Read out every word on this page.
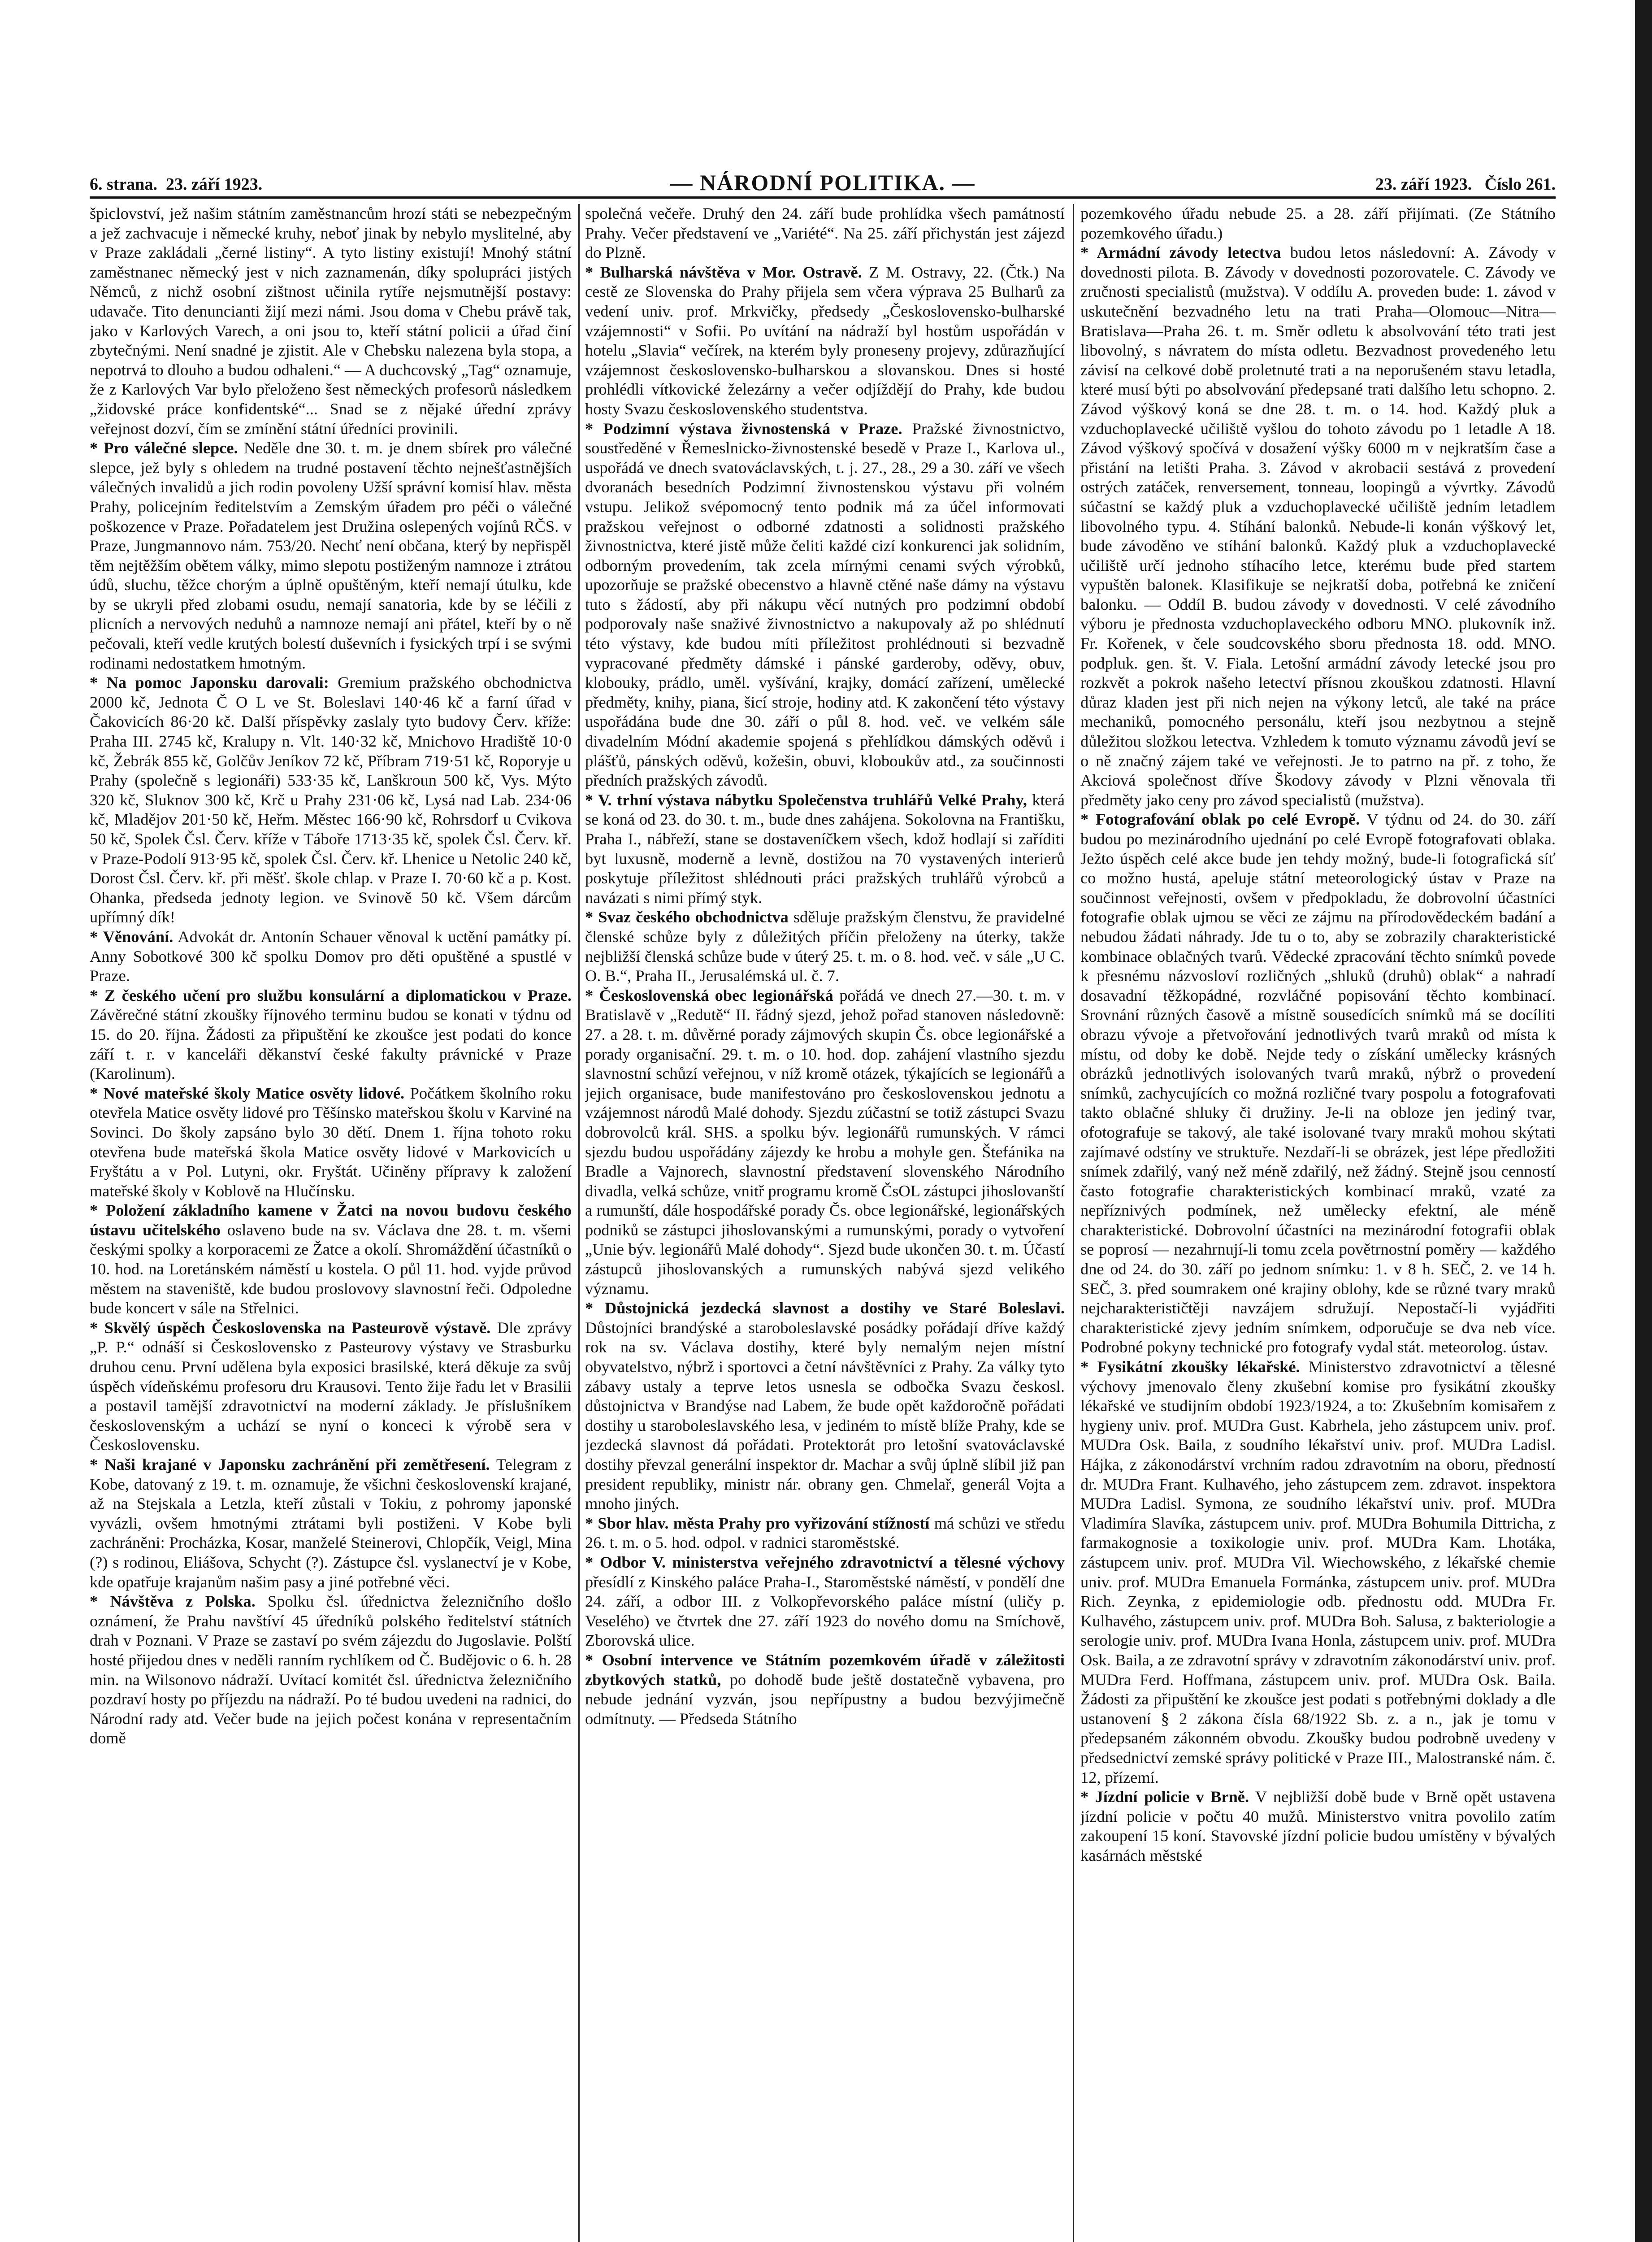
6. strana. 23. září 1923.	— NÁRODNÍ POLITIKA. —	23. září 1923. Číslo 261.

špiclovství, jež našim státním zaměstnancům hrozí státi se nebezpečným a jež zachvacuje i německé kruhy, neboť jinak by nebylo myslitelné, aby v Praze zakládali „černé listiny“. A tyto listiny existují! Mnohý státní zaměstnanec německý jest v nich zaznamenán, díky spolupráci jistých Němců, z nichž osobní zištnost učinila rytíře nejsmutnější postavy: udavače. Tito denuncianti žijí mezi námi. Jsou doma v Chebu právě tak, jako v Karlových Varech, a oni jsou to, kteří státní policii a úřad činí zbytečnými. Není snadné je zjistit. Ale v Chebsku nalezena byla stopa, a nepotrvá to dlouho a budou odhaleni.“ — A duchcovský „Tag“ oznamuje, že z Karlových Var bylo přeloženo šest německých profesorů následkem „židovské práce konfidentské“... Snad se z nějaké úřední zprávy veřejnost dozví, čím se zmínění státní úředníci provinili.

* Pro válečné slepce. Neděle dne 30. t. m. je dnem sbírek pro válečné slepce, jež byly s ohledem na trudné postavení těchto nejnešťastnějších válečných invalidů a jich rodin povoleny Užší správní komisí hlav. města Prahy, policejním ředitelstvím a Zemským úřadem pro péči o válečné poškozence v Praze. Pořadatelem jest Družina oslepených vojínů RČS. v Praze, Jungmannovo nám. 753/20. Nechť není občana, který by nepřispěl těm nejtěžším obětem války, mimo slepotu postiženým namnoze i ztrátou údů, sluchu, těžce chorým a úplně opuštěným, kteří nemají útulku, kde by se ukryli před zlobami osudu, nemají sanatoria, kde by se léčili z plicních a nervových neduhů a namnoze nemají ani přátel, kteří by o ně pečovali, kteří vedle krutých bolestí duševních i fysických trpí i se svými rodinami nedostatkem hmotným.

* Na pomoc Japonsku darovali: Gremium pražského obchodnictva 2000 kč, Jednota Č O L ve St. Boleslavi 140·46 kč a farní úřad v Čakovicích 86·20 kč. Další příspěvky zaslaly tyto budovy Červ. kříže: Praha III. 2745 kč, Kralupy n. Vlt. 140·32 kč, Mnichovo Hradiště 10·0 kč, Žebrák 855 kč, Golčův Jeníkov 72 kč, Příbram 719·51 kč, Roporyje u Prahy (společně s legionáři) 533·35 kč, Lanškroun 500 kč, Vys. Mýto 320 kč, Sluknov 300 kč, Krč u Prahy 231·06 kč, Lysá nad Lab. 234·06 kč, Mladějov 201·50 kč, Heřm. Městec 166·90 kč, Rohrsdorf u Cvikova 50 kč, Spolek Čsl. Červ. kříže v Táboře 1713·35 kč, spolek Čsl. Červ. kř. v Praze-Podolí 913·95 kč, spolek Čsl. Červ. kř. Lhenice u Netolic 240 kč, Dorost Čsl. Červ. kř. při měšť. škole chlap. v Praze I. 70·60 kč a p. Kost. Ohanka, předseda jednoty legion. ve Svinově 50 kč. Všem dárcům upřímný dík!

* Věnování. Advokát dr. Antonín Schauer věnoval k uctění památky pí. Anny Sobotkové 300 kč spolku Domov pro děti opuštěné a spustlé v Praze.

* Z českého učení pro službu konsulární a diplomatickou v Praze. Závěrečné státní zkoušky říjnového terminu budou se konati v týdnu od 15. do 20. října. Žádosti za připuštění ke zkoušce jest podati do konce září t. r. v kanceláři děkanství české fakulty právnické v Praze (Karolinum).

* Nové mateřské školy Matice osvěty lidové. Počátkem školního roku otevřela Matice osvěty lidové pro Těšínsko mateřskou školu v Karviné na Sovinci. Do školy zapsáno bylo 30 dětí. Dnem 1. října tohoto roku otevřena bude mateřská škola Matice osvěty lidové v Markovicích u Fryštátu a v Pol. Lutyni, okr. Fryštát. Učiněny přípravy k založení mateřské školy v Koblově na Hlučínsku.

* Položení základního kamene v Žatci na novou budovu českého ústavu učitelského oslaveno bude na sv. Václava dne 28. t. m. všemi českými spolky a korporacemi ze Žatce a okolí. Shromáždění účastníků o 10. hod. na Loretánském náměstí u kostela. O půl 11. hod. vyjde průvod městem na staveniště, kde budou proslovovy slavnostní řeči. Odpoledne bude koncert v sále na Střelnici.

* Skvělý úspěch Československa na Pasteurově výstavě. Dle zprávy „P. P.“ odnáší si Československo z Pasteurovy výstavy ve Strasburku druhou cenu. První udělena byla exposici brasilské, která děkuje za svůj úspěch vídeňskému profesoru dru Krausovi. Tento žije řadu let v Brasilii a postavil tamější zdravotnictví na moderní základy. Je příslušníkem československým a uchází se nyní o konceci k výrobě sera v Československu.

* Naši krajané v Japonsku zachránění při zemětřesení. Telegram z Kobe, datovaný z 19. t. m. oznamuje, že všichni československí krajané, až na Stejskala a Letzla, kteří zůstali v Tokiu, z pohromy japonské vyvázli, ovšem hmotnými ztrátami byli postiženi. V Kobe byli zachráněni: Procházka, Kosar, manželé Steinerovi, Chlopčík, Veigl, Mina (?) s rodinou, Eliášova, Schycht (?). Zástupce čsl. vyslanectví je v Kobe, kde opatřuje krajanům našim pasy a jiné potřebné věci.

* Návštěva z Polska. Spolku čsl. úřednictva železničního došlo oznámení, že Prahu navštíví 45 úředníků polského ředitelství státních drah v Poznani. V Praze se zastaví po svém zájezdu do Jugoslavie. Polští hosté přijedou dnes v neděli ranním rychlíkem od Č. Budějovic o 6. h. 28 min. na Wilsonovo nádraží. Uvítací komitét čsl. úřednictva železničního pozdraví hosty po příjezdu na nádraží. Po té budou uvedeni na radnici, do Národní rady atd. Večer bude na jejich počest konána v representačním domě

společná večeře. Druhý den 24. září bude prohlídka všech památností Prahy. Večer představení ve „Variété“. Na 25. září přichystán jest zájezd do Plzně.

* Bulharská návštěva v Mor. Ostravě. Z M. Ostravy, 22. (Čtk.) Na cestě ze Slovenska do Prahy přijela sem včera výprava 25 Bulharů za vedení univ. prof. Mrkvičky, předsedy „Československo-bulharské vzájemnosti“ v Sofii. Po uvítání na nádraží byl hostům uspořádán v hotelu „Slavia“ večírek, na kterém byly proneseny projevy, zdůrazňující vzájemnost československo-bulharskou a slovanskou. Dnes si hosté prohlédli vítkovické železárny a večer odjíždějí do Prahy, kde budou hosty Svazu československého studentstva.

* Podzimní výstava živnostenská v Praze. Pražské živnostnictvo, soustředěné v Řemeslnicko-živnostenské besedě v Praze I., Karlova ul., uspořádá ve dnech svatováclavských, t. j. 27., 28., 29 a 30. září ve všech dvoranách besedních Podzimní živnostenskou výstavu při volném vstupu. Jelikož svépomocný tento podnik má za účel informovati pražskou veřejnost o odborné zdatnosti a solidnosti pražského živnostnictva, které jistě může čeliti každé cizí konkurenci jak solidním, odborným provedením, tak zcela mírnými cenami svých výrobků, upozorňuje se pražské obecenstvo a hlavně ctěné naše dámy na výstavu tuto s žádostí, aby při nákupu věcí nutných pro podzimní období podporovaly naše snaživé živnostnictvo a nakupovaly až po shlédnutí této výstavy, kde budou míti příležitost prohlédnouti si bezvadně vypracované předměty dámské i pánské garderoby, oděvy, obuv, klobouky, prádlo, uměl. vyšívání, krajky, domácí zařízení, umělecké předměty, knihy, piana, šicí stroje, hodiny atd. K zakončení této výstavy uspořádána bude dne 30. září o půl 8. hod. več. ve velkém sále divadelním Módní akademie spojená s přehlídkou dámských oděvů i plášťů, pánských oděvů, kožešin, obuvi, kloboukův atd., za součinnosti předních pražských závodů.

* V. trhní výstava nábytku Společenstva truhlářů Velké Prahy, která se koná od 23. do 30. t. m., bude dnes zahájena. Sokolovna na Františku, Praha I., nábřeží, stane se dostaveníčkem všech, kdož hodlají si zaříditi byt luxusně, moderně a levně, dostižou na 70 vystavených interierů poskytuje příležitost shlédnouti práci pražských truhlářů výrobců a navázati s nimi přímý styk.

* Svaz českého obchodnictva sděluje pražským členstvu, že pravidelné členské schůze byly z důležitých příčin přeloženy na úterky, takže nejbližší členská schůze bude v úterý 25. t. m. o 8. hod. več. v sále „U C. O. B.“, Praha II., Jerusalémská ul. č. 7.

* Československá obec legionářská pořádá ve dnech 27.—30. t. m. v Bratislavě v „Redutě“ II. řádný sjezd, jehož pořad stanoven následovně: 27. a 28. t. m. důvěrné porady zájmových skupin Čs. obce legionářské a porady organisační. 29. t. m. o 10. hod. dop. zahájení vlastního sjezdu slavnostní schůzí veřejnou, v níž kromě otázek, týkajících se legionářů a jejich organisace, bude manifestováno pro československou jednotu a vzájemnost národů Malé dohody. Sjezdu zúčastní se totiž zástupci Svazu dobrovolců král. SHS. a spolku býv. legionářů rumunských. V rámci sjezdu budou uspořádány zájezdy ke hrobu a mohyle gen. Štefánika na Bradle a Vajnorech, slavnostní představení slovenského Národního divadla, velká schůze, vnitř programu kromě ČsOL zástupci jihoslovanští a rumunští, dále hospodářské porady Čs. obce legionářské, legionářských podniků se zástupci jihoslovanskými a rumunskými, porady o vytvoření „Unie býv. legionářů Malé dohody“. Sjezd bude ukončen 30. t. m. Účastí zástupců jihoslovanských a rumunských nabývá sjezd velikého významu.

* Důstojnická jezdecká slavnost a dostihy ve Staré Boleslavi. Důstojníci brandýské a staroboleslavské posádky pořádají dříve každý rok na sv. Václava dostihy, které byly nemalým nejen místní obyvatelstvo, nýbrž i sportovci a četní návštěvníci z Prahy. Za války tyto zábavy ustaly a teprve letos usnesla se odbočka Svazu českosl. důstojnictva v Brandýse nad Labem, že bude opět každoročně pořádati dostihy u staroboleslavského lesa, v jediném to místě blíže Prahy, kde se jezdecká slavnost dá pořádati. Protektorát pro letošní svatováclavské dostihy převzal generální inspektor dr. Machar a svůj úplně slíbil již pan president republiky, ministr nár. obrany gen. Chmelař, generál Vojta a mnoho jiných.

* Sbor hlav. města Prahy pro vyřizování stížností má schůzi ve středu 26. t. m. o 5. hod. odpol. v radnici staroměstské.

* Odbor V. ministerstva veřejného zdravotnictví a tělesné výchovy přesídlí z Kinského paláce Praha-I., Staroměstské náměstí, v pondělí dne 24. září, a odbor III. z Volkopřevorského paláce místní (uličy p. Veselého) ve čtvrtek dne 27. září 1923 do nového domu na Smíchově, Zborovská ulice.

* Osobní intervence ve Státním pozemkovém úřadě v záležitosti zbytkových statků, po dohodě bude ještě dostatečně vybavena, pro nebude jednání vyzván, jsou nepřípustny a budou bezvýjimečně odmítnuty. — Předseda Státního

pozemkového úřadu nebude 25. a 28. září přijímati. (Ze Státního pozemkového úřadu.)

* Armádní závody letectva budou letos následovní: A. Závody v dovednosti pilota. B. Závody v dovednosti pozorovatele. C. Závody ve zručnosti specialistů (mužstva). V oddílu A. proveden bude: 1. závod v uskutečnění bezvadného letu na trati Praha—Olomouc—Nitra—Bratislava—Praha 26. t. m. Směr odletu k absolvování této trati jest libovolný, s návratem do místa odletu. Bezvadnost provedeného letu závisí na celkové době proletnuté trati a na neporušeném stavu letadla, které musí býti po absolvování předepsané trati dalšího letu schopno. 2. Závod výškový koná se dne 28. t. m. o 14. hod. Každý pluk a vzduchoplavecké učiliště vyšlou do tohoto závodu po 1 letadle A 18. Závod výškový spočívá v dosažení výšky 6000 m v nejkratším čase a přistání na letišti Praha. 3. Závod v akrobacii sestává z provedení ostrých zatáček, renversement, tonneau, loopingů a vývrtky. Závodů súčastní se každý pluk a vzduchoplavecké učiliště jedním letadlem libovolného typu. 4. Stíhání balonků. Nebude-li konán výškový let, bude závoděno ve stíhání balonků. Každý pluk a vzduchoplavecké učiliště určí jednoho stíhacího letce, kterému bude před startem vypuštěn balonek. Klasifikuje se nejkratší doba, potřebná ke zničení balonku. — Oddíl B. budou závody v dovednosti. V celé závodního výboru je přednosta vzduchoplaveckého odboru MNO. plukovník inž. Fr. Kořenek, v čele soudcovského sboru přednosta 18. odd. MNO. podpluk. gen. št. V. Fiala. Letošní armádní závody letecké jsou pro rozkvět a pokrok našeho letectví přísnou zkouškou zdatnosti. Hlavní důraz kladen jest při nich nejen na výkony letců, ale také na práce mechaniků, pomocného personálu, kteří jsou nezbytnou a stejně důležitou složkou letectva. Vzhledem k tomuto významu závodů jeví se o ně značný zájem také ve veřejnosti. Je to patrno na př. z toho, že Akciová společnost dříve Škodovy závody v Plzni věnovala tři předměty jako ceny pro závod specialistů (mužstva).

* Fotografování oblak po celé Evropě. V týdnu od 24. do 30. září budou po mezinárodního ujednání po celé Evropě fotografovati oblaka. Ježto úspěch celé akce bude jen tehdy možný, bude-li fotografická síť co možno hustá, apeluje státní meteorologický ústav v Praze na součinnost veřejnosti, ovšem v předpokladu, že dobrovolní účastníci fotografie oblak ujmou se věci ze zájmu na přírodovědeckém badání a nebudou žádati náhrady. Jde tu o to, aby se zobrazily charakteristické kombinace oblačných tvarů. Vědecké zpracování těchto snímků povede k přesnému názvosloví rozličných „shluků (druhů) oblak“ a nahradí dosavadní těžkopádné, rozvláčné popisování těchto kombinací. Srovnání různých časově a místně sousedících snímků má se docíliti obrazu vývoje a přetvořování jednotlivých tvarů mraků od místa k místu, od doby ke době. Nejde tedy o získání umělecky krásných obrázků jednotlivých isolovaných tvarů mraků, nýbrž o provedení snímků, zachycujících co možná rozličné tvary pospolu a fotografovati takto oblačné shluky či družiny. Je-li na obloze jen jediný tvar, ofotografuje se takový, ale také isolované tvary mraků mohou skýtati zajímavé odstíny ve struktuře. Nezdaří-li se obrázek, jest lépe předložiti snímek zdařilý, vaný než méně zdařilý, než žádný. Stejně jsou cenností často fotografie charakteristických kombinací mraků, vzaté za nepříznivých podmínek, než umělecky efektní, ale méně charakteristické. Dobrovolní účastníci na mezinárodní fotografii oblak se poprosí — nezahrnují-li tomu zcela povětrnostní poměry — každého dne od 24. do 30. září po jednom snímku: 1. v 8 h. SEČ, 2. ve 14 h. SEČ, 3. před soumrakem oné krajiny oblohy, kde se různé tvary mraků nejcharakterističtěji navzájem sdružují. Nepostačí-li vyjádřiti charakteristické zjevy jedním snímkem, odporučuje se dva neb více. Podrobné pokyny technické pro fotografy vydal stát. meteorolog. ústav.

* Fysikátní zkoušky lékařské. Ministerstvo zdravotnictví a tělesné výchovy jmenovalo členy zkušební komise pro fysikátní zkoušky lékařské ve studijním období 1923/1924, a to: Zkušebním komisařem z hygieny univ. prof. MUDra Gust. Kabrhela, jeho zástupcem univ. prof. MUDra Osk. Baila, z soudního lékařství univ. prof. MUDra Ladisl. Hájka, z zákonodárství vrchním radou zdravotním na oboru, předností dr. MUDra Frant. Kulhavého, jeho zástupcem zem. zdravot. inspektora MUDra Ladisl. Symona, ze soudního lékařství univ. prof. MUDra Vladimíra Slavíka, zástupcem univ. prof. MUDra Bohumila Dittricha, z farmakognosie a toxikologie univ. prof. MUDra Kam. Lhotáka, zástupcem univ. prof. MUDra Vil. Wiechowského, z lékařské chemie univ. prof. MUDra Emanuela Formánka, zástupcem univ. prof. MUDra Rich. Zeynka, z epidemiologie odb. přednostu odd. MUDra Fr. Kulhavého, zástupcem univ. prof. MUDra Boh. Salusa, z bakteriologie a serologie univ. prof. MUDra Ivana Honla, zástupcem univ. prof. MUDra Osk. Baila, a ze zdravotní správy v zdravotním zákonodárství univ. prof. MUDra Ferd. Hoffmana, zástupcem univ. prof. MUDra Osk. Baila. Žádosti za připuštění ke zkoušce jest podati s potřebnými doklady a dle ustanovení § 2 zákona čísla 68/1922 Sb. z. a n., jak je tomu v předepsaném zákonném obvodu. Zkoušky budou podrobně uvedeny v předsednictví zemské správy politické v Praze III., Malostranské nám. č. 12, přízemí.

* Jízdní policie v Brně. V nejbližší době bude v Brně opět ustavena jízdní policie v počtu 40 mužů. Ministerstvo vnitra povolilo zatím zakoupení 15 koní. Stavovské jízdní policie budou umístěny v bývalých kasárnách městské
